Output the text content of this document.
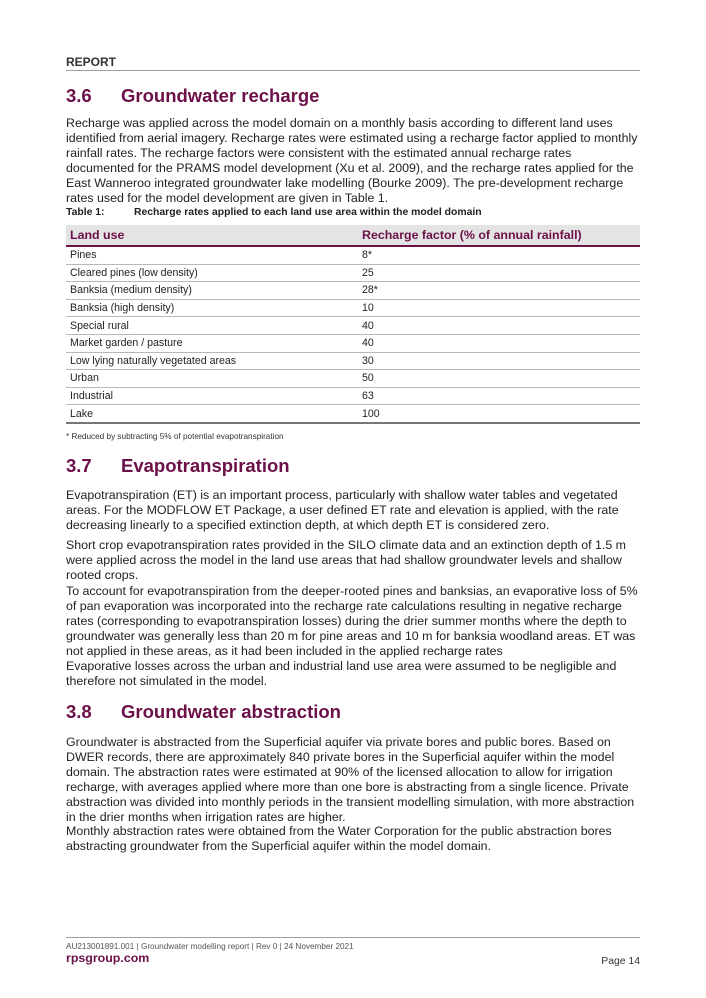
REPORT
3.6	Groundwater recharge

Recharge was applied across the model domain on a monthly basis according to different land uses identified from aerial imagery. Recharge rates were estimated using a recharge factor applied to monthly rainfall rates. The recharge factors were consistent with the estimated annual recharge rates documented for the PRAMS model development (Xu et al. 2009), and the recharge rates applied for the East Wanneroo integrated groundwater lake modelling (Bourke 2009). The pre-development recharge rates used for the model development are given in Table 1.

Table 1:	Recharge rates applied to each land use area within the model domain
Land use	Recharge factor (% of annual rainfall)
Pines	8*
Cleared pines (low density)	25
Banksia (medium density)	28*
Banksia (high density)	10
Special rural	40
Market garden / pasture	40
Low lying naturally vegetated areas	30
Urban	50
Industrial	63
Lake	100
* Reduced by subtracting 5% of potential evapotranspiration
3.7	Evapotranspiration

Evapotranspiration (ET) is an important process, particularly with shallow water tables and vegetated areas. For the MODFLOW ET Package, a user defined ET rate and elevation is applied, with the rate decreasing linearly to a specified extinction depth, at which depth ET is considered zero.

Short crop evapotranspiration rates provided in the SILO climate data and an extinction depth of 1.5 m were applied across the model in the land use areas that had shallow groundwater levels and shallow rooted crops.

To account for evapotranspiration from the deeper-rooted pines and banksias, an evaporative loss of 5% of pan evaporation was incorporated into the recharge rate calculations resulting in negative recharge rates (corresponding to evapotranspiration losses) during the drier summer months where the depth to groundwater was generally less than 20 m for pine areas and 10 m for banksia woodland areas. ET was not applied in these areas, as it had been included in the applied recharge rates

Evaporative losses across the urban and industrial land use area were assumed to be negligible and therefore not simulated in the model.

3.8	Groundwater abstraction

Groundwater is abstracted from the Superficial aquifer via private bores and public bores. Based on DWER records, there are approximately 840 private bores in the Superficial aquifer within the model domain. The abstraction rates were estimated at 90% of the licensed allocation to allow for irrigation recharge, with averages applied where more than one bore is abstracting from a single licence. Private abstraction was divided into monthly periods in the transient modelling simulation, with more abstraction in the drier months when irrigation rates are higher.

Monthly abstraction rates were obtained from the Water Corporation for the public abstraction bores abstracting groundwater from the Superficial aquifer within the model domain.

AU213001891.001 | Groundwater modelling report | Rev 0 | 24 November 2021
rpsgroup.com	Page 14
